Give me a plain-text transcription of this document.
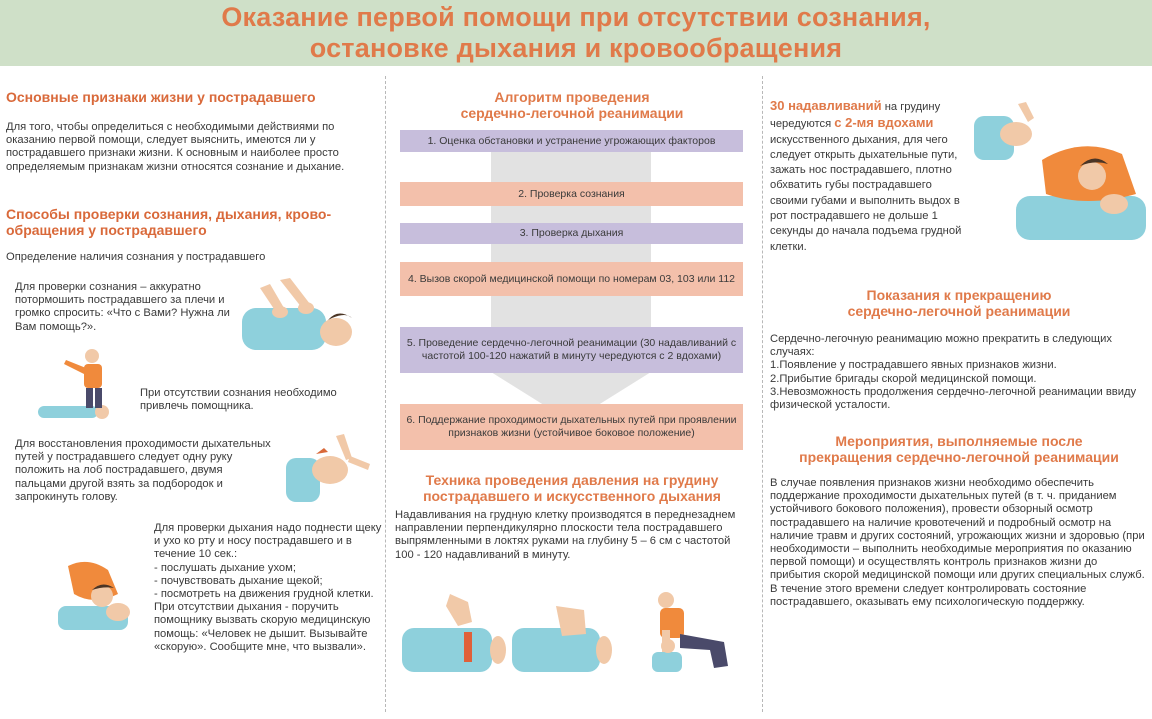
Оказание первой помощи при отсутствии сознания,
остановке дыхания и кровообращения
Основные признаки жизни у пострадавшего
Для того, чтобы определиться с необходимыми действиями по оказанию первой помощи, следует выяснить, имеются ли у пострадавшего признаки жизни. К основным и наиболее просто определяемым признакам жизни относятся сознание и дыхание.
Способы проверки сознания, дыхания, крово-
обращения у пострадавшего
Определение наличия сознания у пострадавшего
Для проверки сознания – аккуратно потормошить пострадавшего за плечи и громко спросить: «Что с Вами? Нужна ли Вам помощь?».
При отсутствии сознания необходимо привлечь помощника.
Для восстановления проходимости дыхательных путей у пострадавшего следует одну руку положить на лоб пострадавшего, двумя пальцами другой взять за подбородок и запрокинуть голову.
Для проверки дыхания надо поднести щеку и ухо ко рту и носу пострадавшего и в течение 10 сек.:
- послушать дыхание ухом;
- почувствовать дыхание щекой;
- посмотреть на движения грудной клетки.
При отсутствии дыхания - поручить помощнику вызвать скорую медицинскую помощь: «Человек не дышит. Вызывайте «скорую». Сообщите мне, что вызвали».
Алгоритм проведения
сердечно-легочной реанимации
1. Оценка обстановки и устранение угрожающих факторов
2. Проверка сознания
3. Проверка дыхания
4. Вызов скорой медицинской помощи по номерам 03, 103 или 112
5. Проведение сердечно-легочной реанимации (30 надавливаний с частотой 100-120 нажатий в минуту чередуются с 2 вдохами)
6. Поддержание проходимости дыхательных путей при проявлении признаков жизни (устойчивое боковое положение)
Техника проведения давления на грудину
пострадавшего и искусственного дыхания
Надавливания на грудную клетку производятся в переднезаднем направлении перпендикулярно плоскости тела пострадавшего выпрямленными в локтях руками на глубину 5 – 6 см с частотой 100 - 120 надавливаний в минуту.
30 надавливаний на грудину чередуются с 2-мя вдохами искусственного дыхания, для чего следует открыть дыхательные пути, зажать нос пострадавшего, плотно обхватить губы пострадавшего своими губами и выполнить выдох в рот пострадавшего не дольше 1 секунды до начала подъема грудной клетки.
Показания к прекращению
сердечно-легочной реанимации
Сердечно-легочную реанимацию можно прекратить в следующих случаях:
1.Появление у пострадавшего явных признаков жизни.
2.Прибытие бригады скорой медицинской помощи.
3.Невозможность продолжения сердечно-легочной реанимации ввиду физической усталости.
Мероприятия, выполняемые после
прекращения сердечно-легочной реанимации
В случае появления признаков жизни необходимо обеспечить поддержание проходимости дыхательных путей (в т. ч. приданием устойчивого бокового положения), провести обзорный осмотр пострадавшего на наличие кровотечений и подробный осмотр на наличие травм и других состояний, угрожающих жизни и здоровью (при необходимости – выполнить необходимые мероприятия по оказанию первой помощи) и осуществлять контроль признаков жизни до прибытия скорой медицинской помощи или других специальных служб. В течение этого времени следует контролировать состояние пострадавшего, оказывать ему психологическую поддержку.
